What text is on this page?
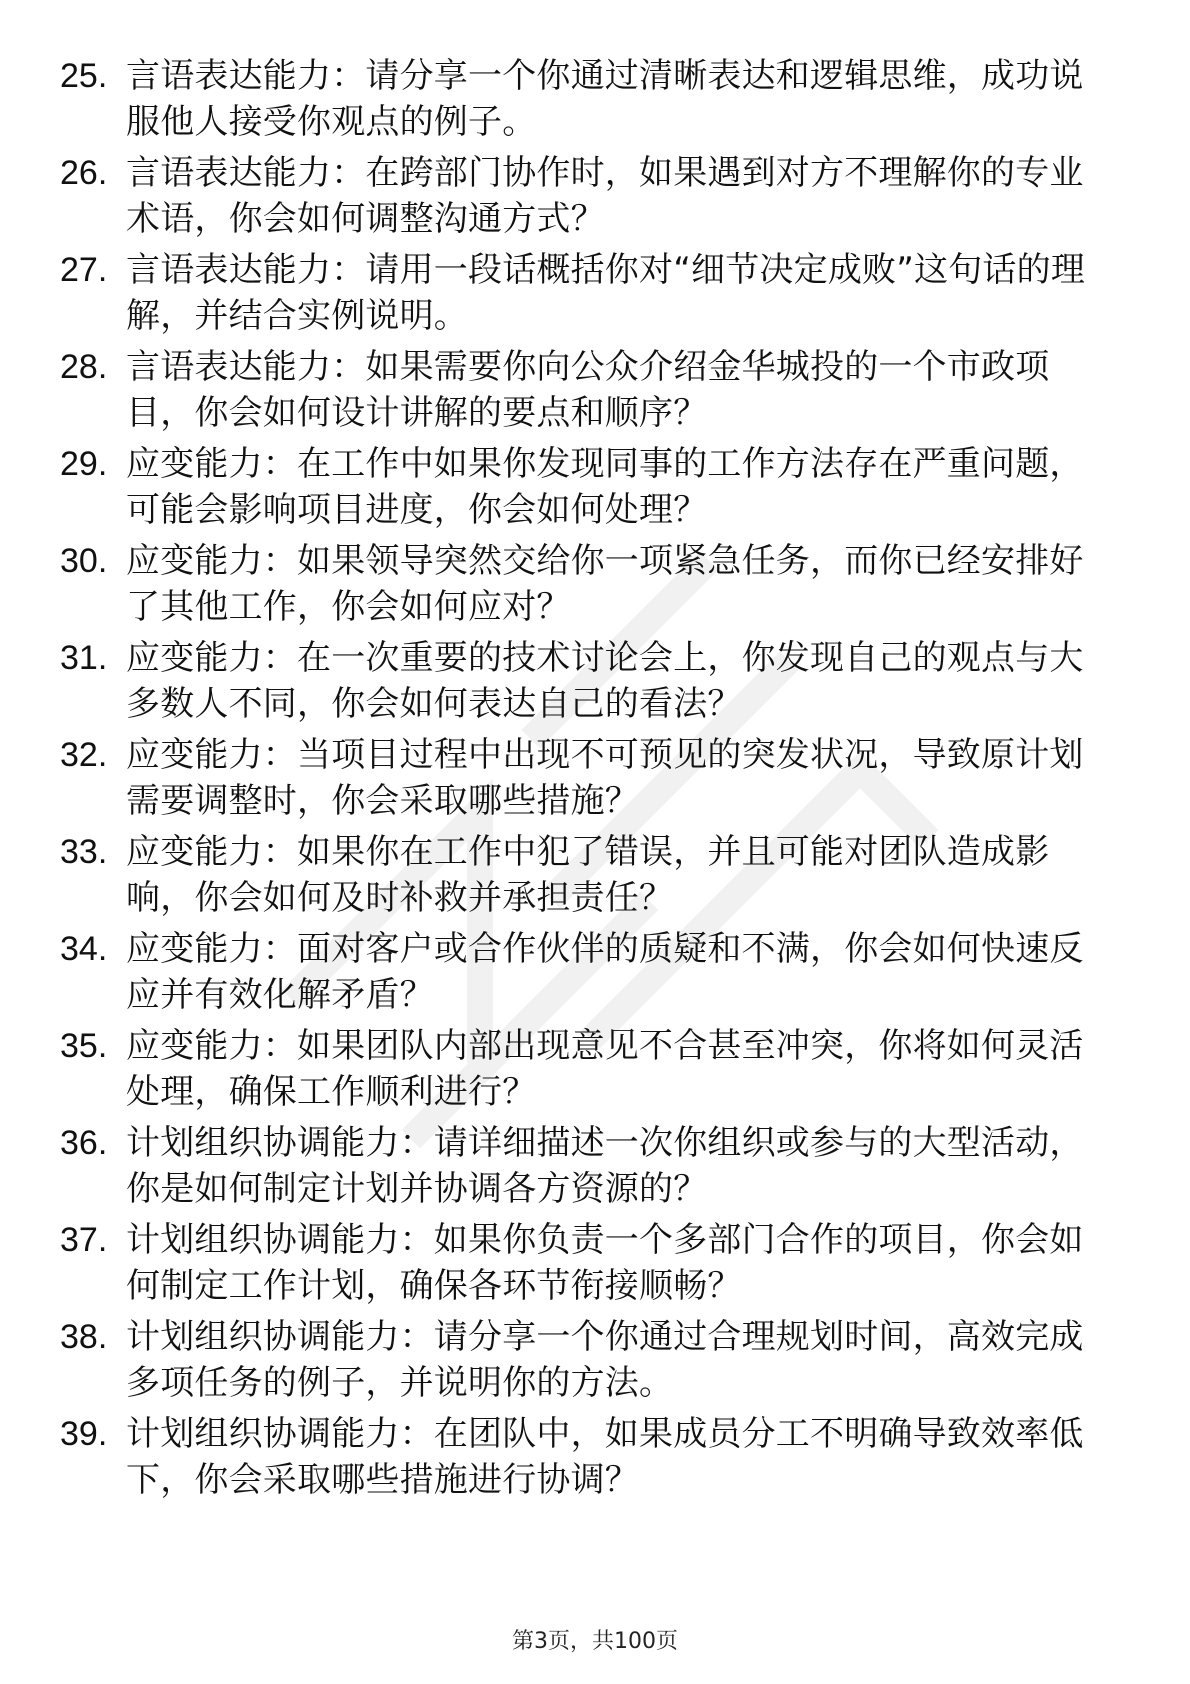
25. 言语表达能力：请分享一个你通过清晰表达和逻辑思维，成功说服他人接受你观点的例子。
26. 言语表达能力：在跨部门协作时，如果遇到对方不理解你的专业术语，你会如何调整沟通方式？
27. 言语表达能力：请用一段话概括你对“细节决定成败”这句话的理解，并结合实例说明。
28. 言语表达能力：如果需要你向公众介绍金华城投的一个市政项目，你会如何设计讲解的要点和顺序？
29. 应变能力：在工作中如果你发现同事的工作方法存在严重问题，可能会影响项目进度，你会如何处理？
30. 应变能力：如果领导突然交给你一项紧急任务，而你已经安排好了其他工作，你会如何应对？
31. 应变能力：在一次重要的技术讨论会上，你发现自己的观点与大多数人不同，你会如何表达自己的看法？
32. 应变能力：当项目过程中出现不可预见的突发状况，导致原计划需要调整时，你会采取哪些措施？
33. 应变能力：如果你在工作中犯了错误，并且可能对团队造成影响，你会如何及时补救并承担责任？
34. 应变能力：面对客户或合作伙伴的质疑和不满，你会如何快速反应并有效化解矛盾？
35. 应变能力：如果团队内部出现意见不合甚至冲突，你将如何灵活处理，确保工作顺利进行？
36. 计划组织协调能力：请详细描述一次你组织或参与的大型活动，你是如何制定计划并协调各方资源的？
37. 计划组织协调能力：如果你负责一个多部门合作的项目，你会如何制定工作计划，确保各环节衔接顺畅？
38. 计划组织协调能力：请分享一个你通过合理规划时间，高效完成多项任务的例子，并说明你的方法。
39. 计划组织协调能力：在团队中，如果成员分工不明确导致效率低下，你会采取哪些措施进行协调？
第3页，共100页
